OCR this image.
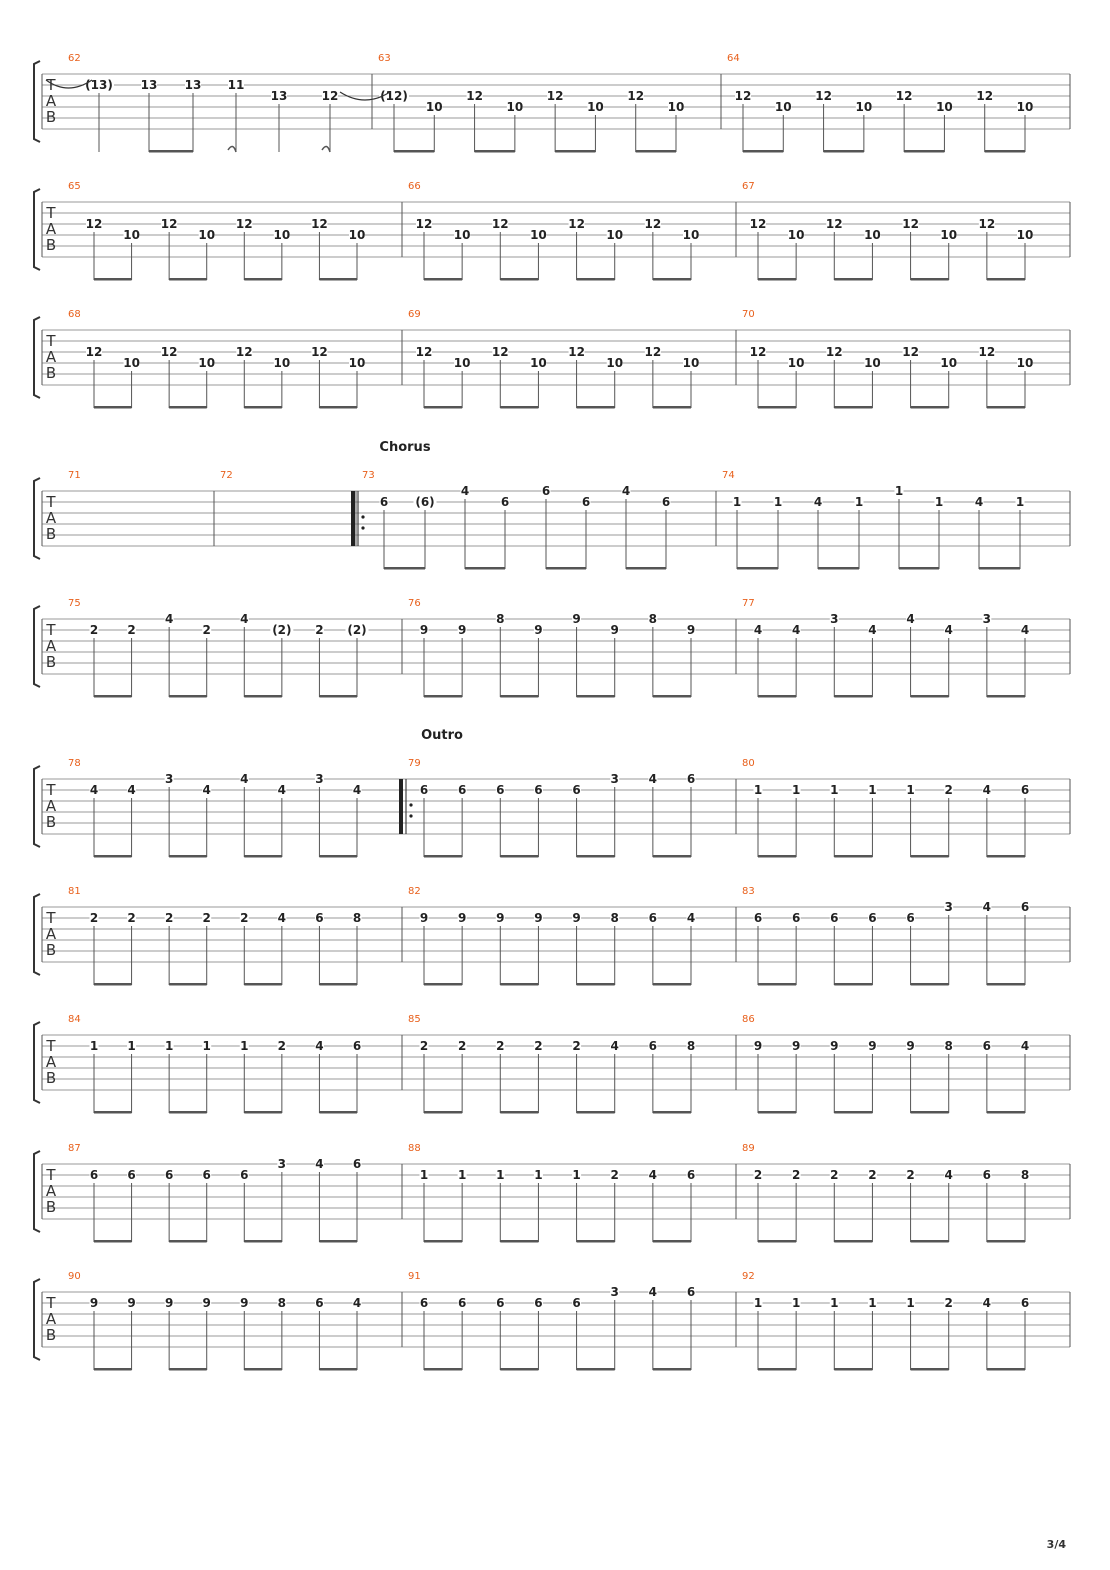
3/4
T
A
B
62
(13) 13 13 11
13	12
63
(12)
10
12
10
12
10
12
10
64
12
10
12
10
12
10
12
10
T
A
B
65
12
10
12
10
12
10
12
10
66
12
10
12
10
12
10
12
10
67
12
10
12
10
12
10
12
10
T
A
B
68
12
10
12
10
12
10
12
10
69
12
10
12
10
12
10
12
10
70
12
10
12
10
12
10
12
10
T
A
B
71	72	73
Chorus
6 (6)
4
6
6
6
4
6
74
1	1	4	1
1
1	4	1
T
A
B
75
2 2
4
2
4
(2) 2 (2)
76
9 9
8
9
9
9
8
9
77
4 4
3
4
4
4
3
4
T
A
B
78
4 4
3
4
4
4
3
4
79
Outro
6 6 6 6 6
3 4 6
80
1 1 1 1 1 2 4 6
T
A
B
81
2 2 2 2 2 4 6 8
82
9 9 9 9 9 8 6 4
83
6 6 6 6 6
3 4 6
T
A
B
84
1 1 1 1 1 2 4 6
85
2 2 2 2 2 4 6 8
86
9 9 9 9 9 8 6 4
T
A
B
87
6 6 6 6 6
3 4 6
88
1 1 1 1 1 2 4 6
89
2 2 2 2 2 4 6 8
T
A
B
90
9 9 9 9 9 8 6 4
91
6 6 6 6 6
3 4 6
92
1 1 1 1 1 2 4 6
